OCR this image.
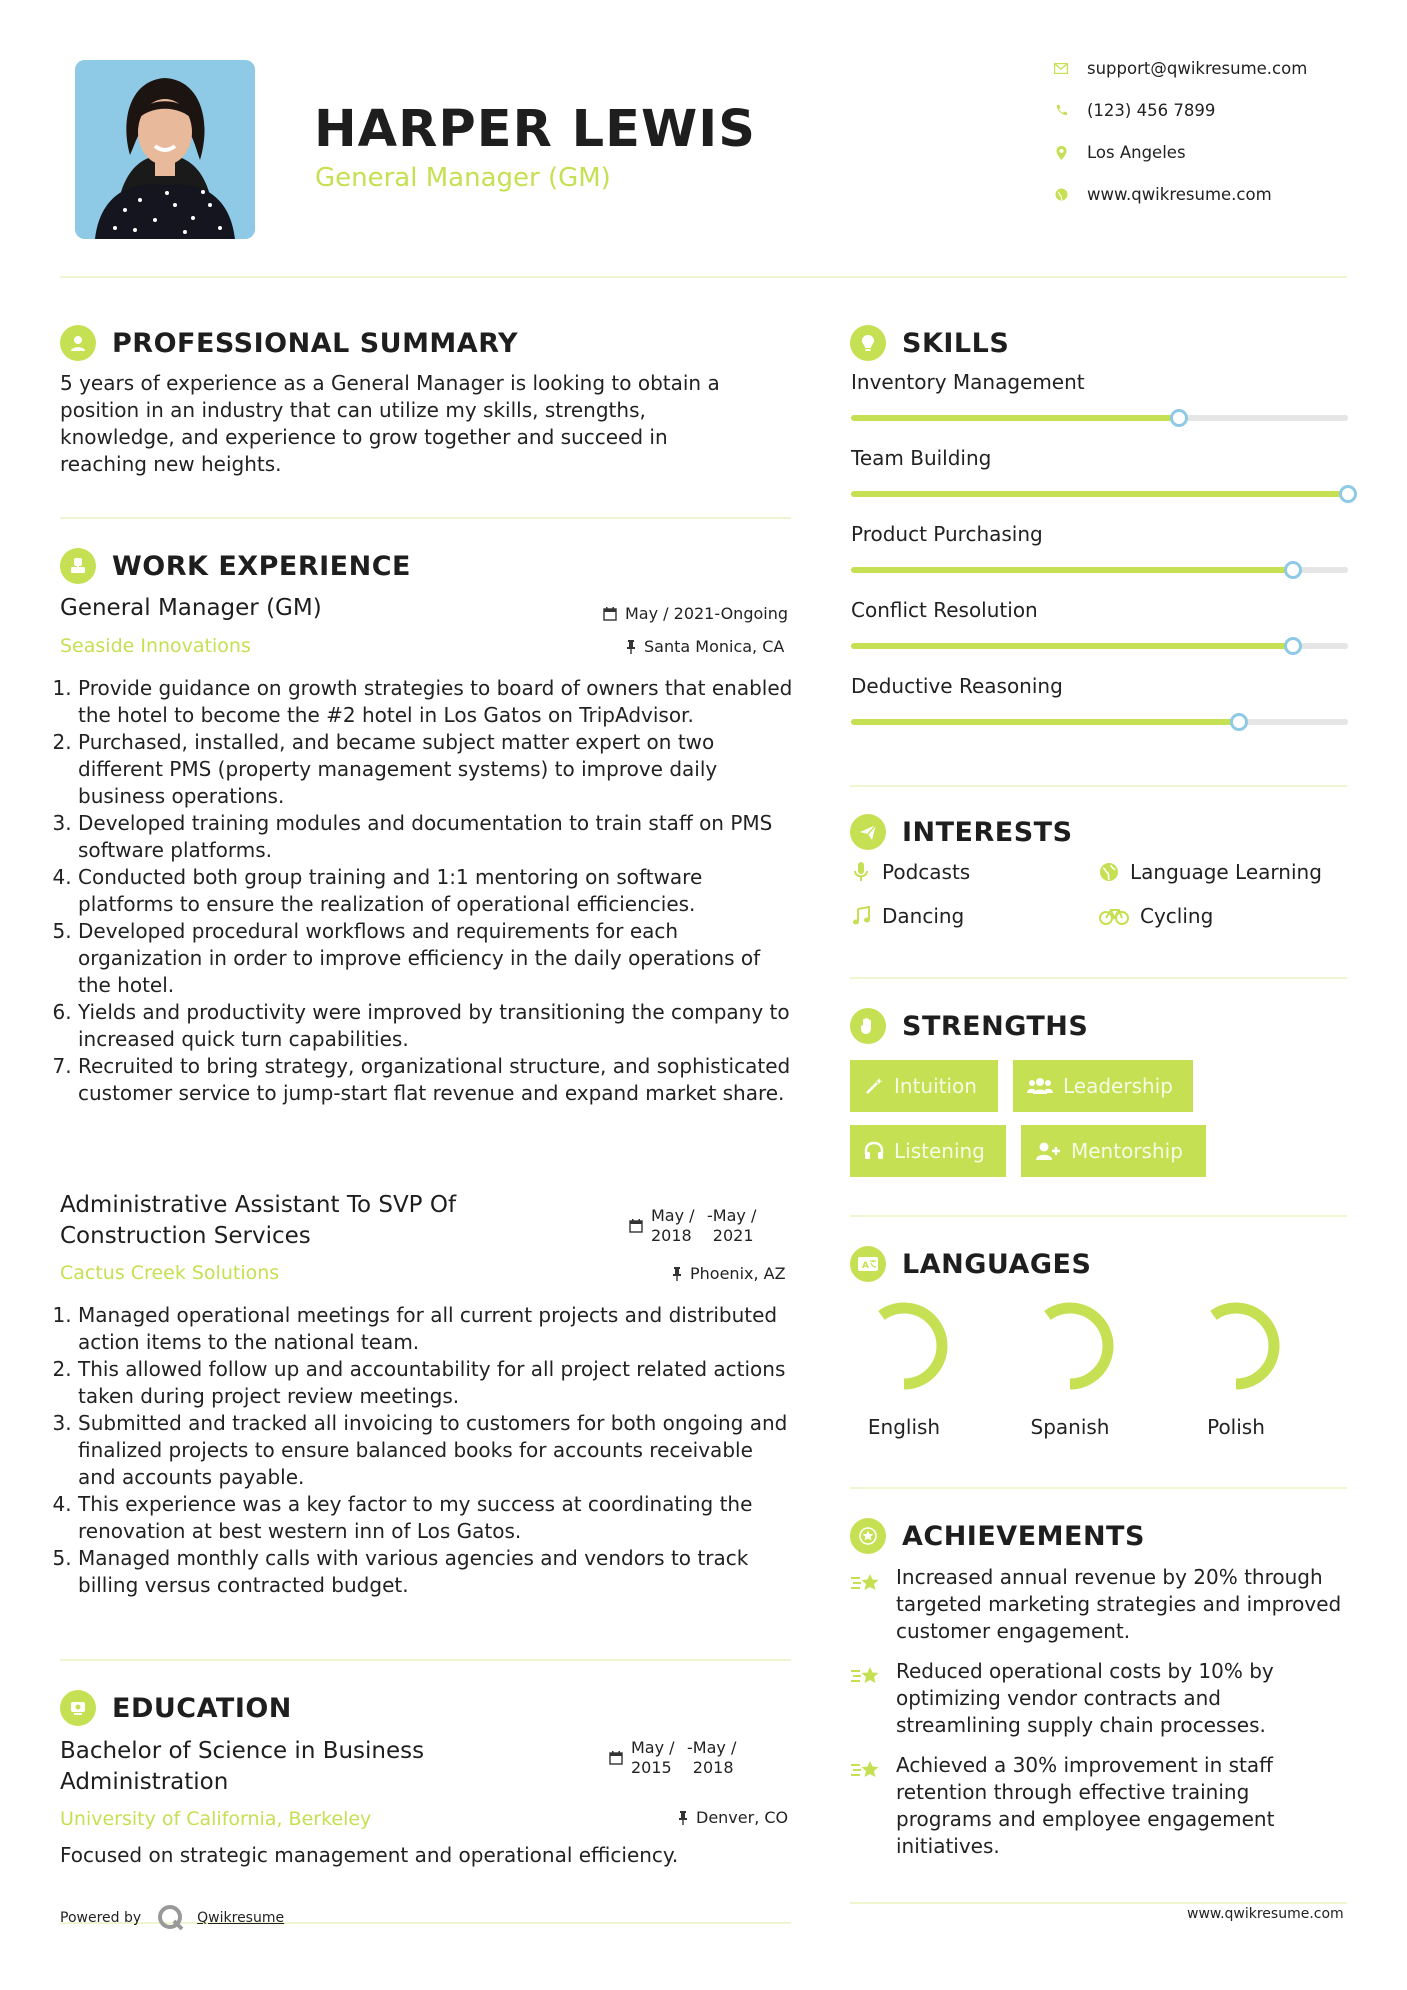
HARPER LEWIS
General Manager (GM)
support@qwikresume.com
(123) 456 7899
Los Angeles
www.qwikresume.com
PROFESSIONAL SUMMARY
5 years of experience as a General Manager is looking to obtain a position in an industry that can utilize my skills, strengths, knowledge, and experience to grow together and succeed in reaching new heights.
WORK EXPERIENCE
General Manager (GM)
Seaside Innovations
May / 2021-Ongoing
Santa Monica, CA
1. Provide guidance on growth strategies to board of owners that enabled the hotel to become the #2 hotel in Los Gatos on TripAdvisor.
2. Purchased, installed, and became subject matter expert on two different PMS (property management systems) to improve daily business operations.
3. Developed training modules and documentation to train staff on PMS software platforms.
4. Conducted both group training and 1:1 mentoring on software platforms to ensure the realization of operational efficiencies.
5. Developed procedural workflows and requirements for each organization in order to improve efficiency in the daily operations of the hotel.
6. Yields and productivity were improved by transitioning the company to increased quick turn capabilities.
7. Recruited to bring strategy, organizational structure, and sophisticated customer service to jump-start flat revenue and expand market share.
Administrative Assistant To SVP Of Construction Services
Cactus Creek Solutions
May / 2018
- May / 2021
Phoenix, AZ
1. Managed operational meetings for all current projects and distributed action items to the national team.
2. This allowed follow up and accountability for all project related actions taken during project review meetings.
3. Submitted and tracked all invoicing to customers for both ongoing and finalized projects to ensure balanced books for accounts receivable and accounts payable.
4. This experience was a key factor to my success at coordinating the renovation at best western inn of Los Gatos.
5. Managed monthly calls with various agencies and vendors to track billing versus contracted budget.
EDUCATION
Bachelor of Science in Business Administration
University of California, Berkeley
May / 2015
- May / 2018
Denver, CO
Focused on strategic management and operational efficiency.
Powered by	Qwikresume
SKILLS
Inventory Management
Team Building
Product Purchasing
Conflict Resolution
Deductive Reasoning
INTERESTS
Podcasts	Language Learning
Dancing	Cycling
STRENGTHS
Intuition	Leadership
Listening	Mentorship
A LANGUAGES
English	Spanish	Polish
ACHIEVEMENTS
Increased annual revenue by 20% through targeted marketing strategies and improved customer engagement.
Reduced operational costs by 10% by optimizing vendor contracts and streamlining supply chain processes.
Achieved a 30% improvement in staff retention through effective training programs and employee engagement initiatives.
www.qwikresume.com
